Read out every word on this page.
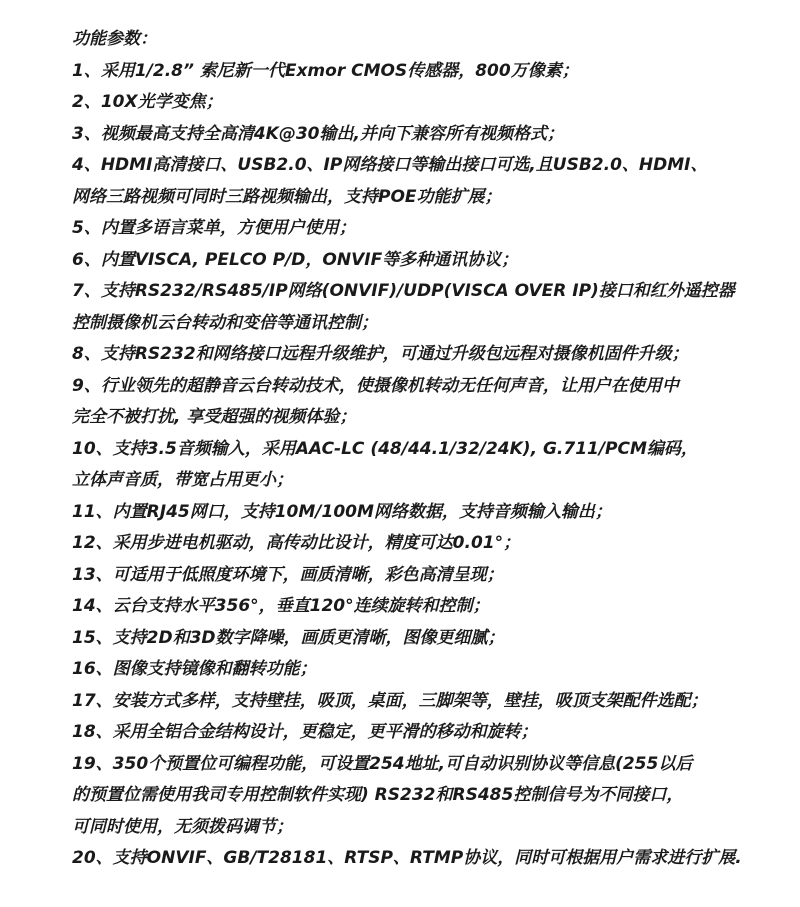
功能参数：
1、采用1/2.8” 索尼新一代Exmor CMOS传感器，800万像素；
2、10X光学变焦；
3、视频最高支持全高清4K@30输出,并向下兼容所有视频格式；
4、HDMI高清接口、USB2.0、IP网络接口等输出接口可选,且USB2.0、HDMI、
网络三路视频可同时三路视频输出，支持POE功能扩展；
5、内置多语言菜单，方便用户使用；
6、内置VISCA, PELCO P/D，ONVIF等多种通讯协议；
7、支持RS232/RS485/IP网络(ONVIF)/UDP(VISCA OVER IP)接口和红外遥控器
控制摄像机云台转动和变倍等通讯控制；
8、支持RS232和网络接口远程升级维护，可通过升级包远程对摄像机固件升级；
9、行业领先的超静音云台转动技术，使摄像机转动无任何声音，让用户在使用中
完全不被打扰, 享受超强的视频体验；
10、支持3.5音频输入，采用AAC-LC (48/44.1/32/24K), G.711/PCM编码，
立体声音质，带宽占用更小；
11、内置RJ45网口，支持10M/100M网络数据，支持音频输入输出；
12、采用步进电机驱动，高传动比设计，精度可达0.01°；
13、可适用于低照度环境下，画质清晰，彩色高清呈现；
14、云台支持水平356°，垂直120°连续旋转和控制；
15、支持2D和3D数字降噪，画质更清晰，图像更细腻；
16、图像支持镜像和翻转功能；
17、安装方式多样，支持壁挂，吸顶，桌面，三脚架等，壁挂，吸顶支架配件选配；
18、采用全铝合金结构设计，更稳定，更平滑的移动和旋转；
19、350个预置位可编程功能，可设置254地址,可自动识别协议等信息(255以后
的预置位需使用我司专用控制软件实现) RS232和RS485控制信号为不同接口，
可同时使用，无须拨码调节；
20、支持ONVIF、GB/T28181、RTSP、RTMP协议，同时可根据用户需求进行扩展.
